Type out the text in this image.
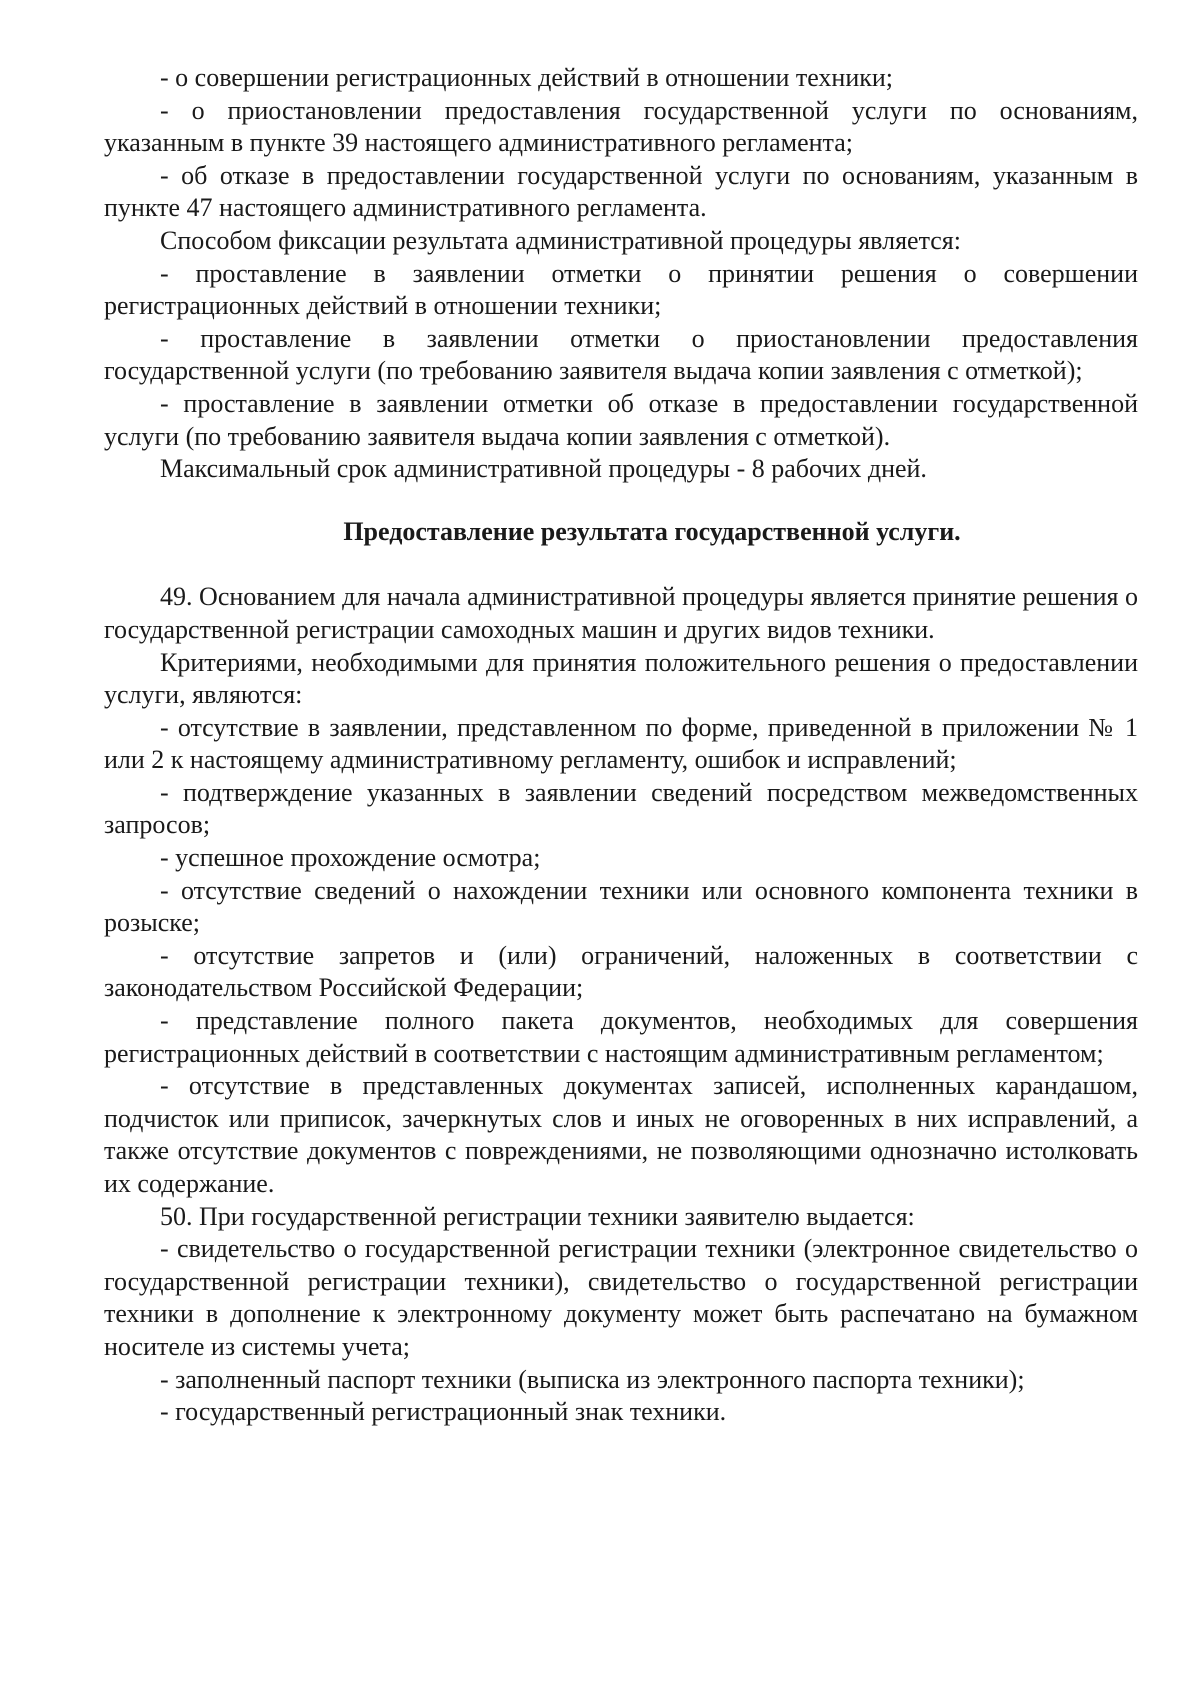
- о совершении регистрационных действий в отношении техники;

- о приостановлении предоставления государственной услуги по основаниям, указанным в пункте 39 настоящего административного регламента;

- об отказе в предоставлении государственной услуги по основаниям, указанным в пункте 47 настоящего административного регламента.

Способом фиксации результата административной процедуры является:

- проставление в заявлении отметки о принятии решения о совершении регистрационных действий в отношении техники;

- проставление в заявлении отметки о приостановлении предоставления государственной услуги (по требованию заявителя выдача копии заявления с отметкой);

- проставление в заявлении отметки об отказе в предоставлении государственной услуги (по требованию заявителя выдача копии заявления с отметкой).

Максимальный срок административной процедуры - 8 рабочих дней.

Предоставление результата государственной услуги.

49. Основанием для начала административной процедуры является принятие решения о государственной регистрации самоходных машин и других видов техники.

Критериями, необходимыми для принятия положительного решения о предоставлении услуги, являются:

- отсутствие в заявлении, представленном по форме, приведенной в приложении № 1 или 2 к настоящему административному регламенту, ошибок и исправлений;

- подтверждение указанных в заявлении сведений посредством межведомственных запросов;

- успешное прохождение осмотра;

- отсутствие сведений о нахождении техники или основного компонента техники в розыске;

- отсутствие запретов и (или) ограничений, наложенных в соответствии с законодательством Российской Федерации;

- представление полного пакета документов, необходимых для совершения регистрационных действий в соответствии с настоящим административным регламентом;

- отсутствие в представленных документах записей, исполненных карандашом, подчисток или приписок, зачеркнутых слов и иных не оговоренных в них исправлений, а также отсутствие документов с повреждениями, не позволяющими однозначно истолковать их содержание.

50. При государственной регистрации техники заявителю выдается:

- свидетельство о государственной регистрации техники (электронное свидетельство о государственной регистрации техники), свидетельство о государственной регистрации техники в дополнение к электронному документу может быть распечатано на бумажном носителе из системы учета;

- заполненный паспорт техники (выписка из электронного паспорта техники);

- государственный регистрационный знак техники.
